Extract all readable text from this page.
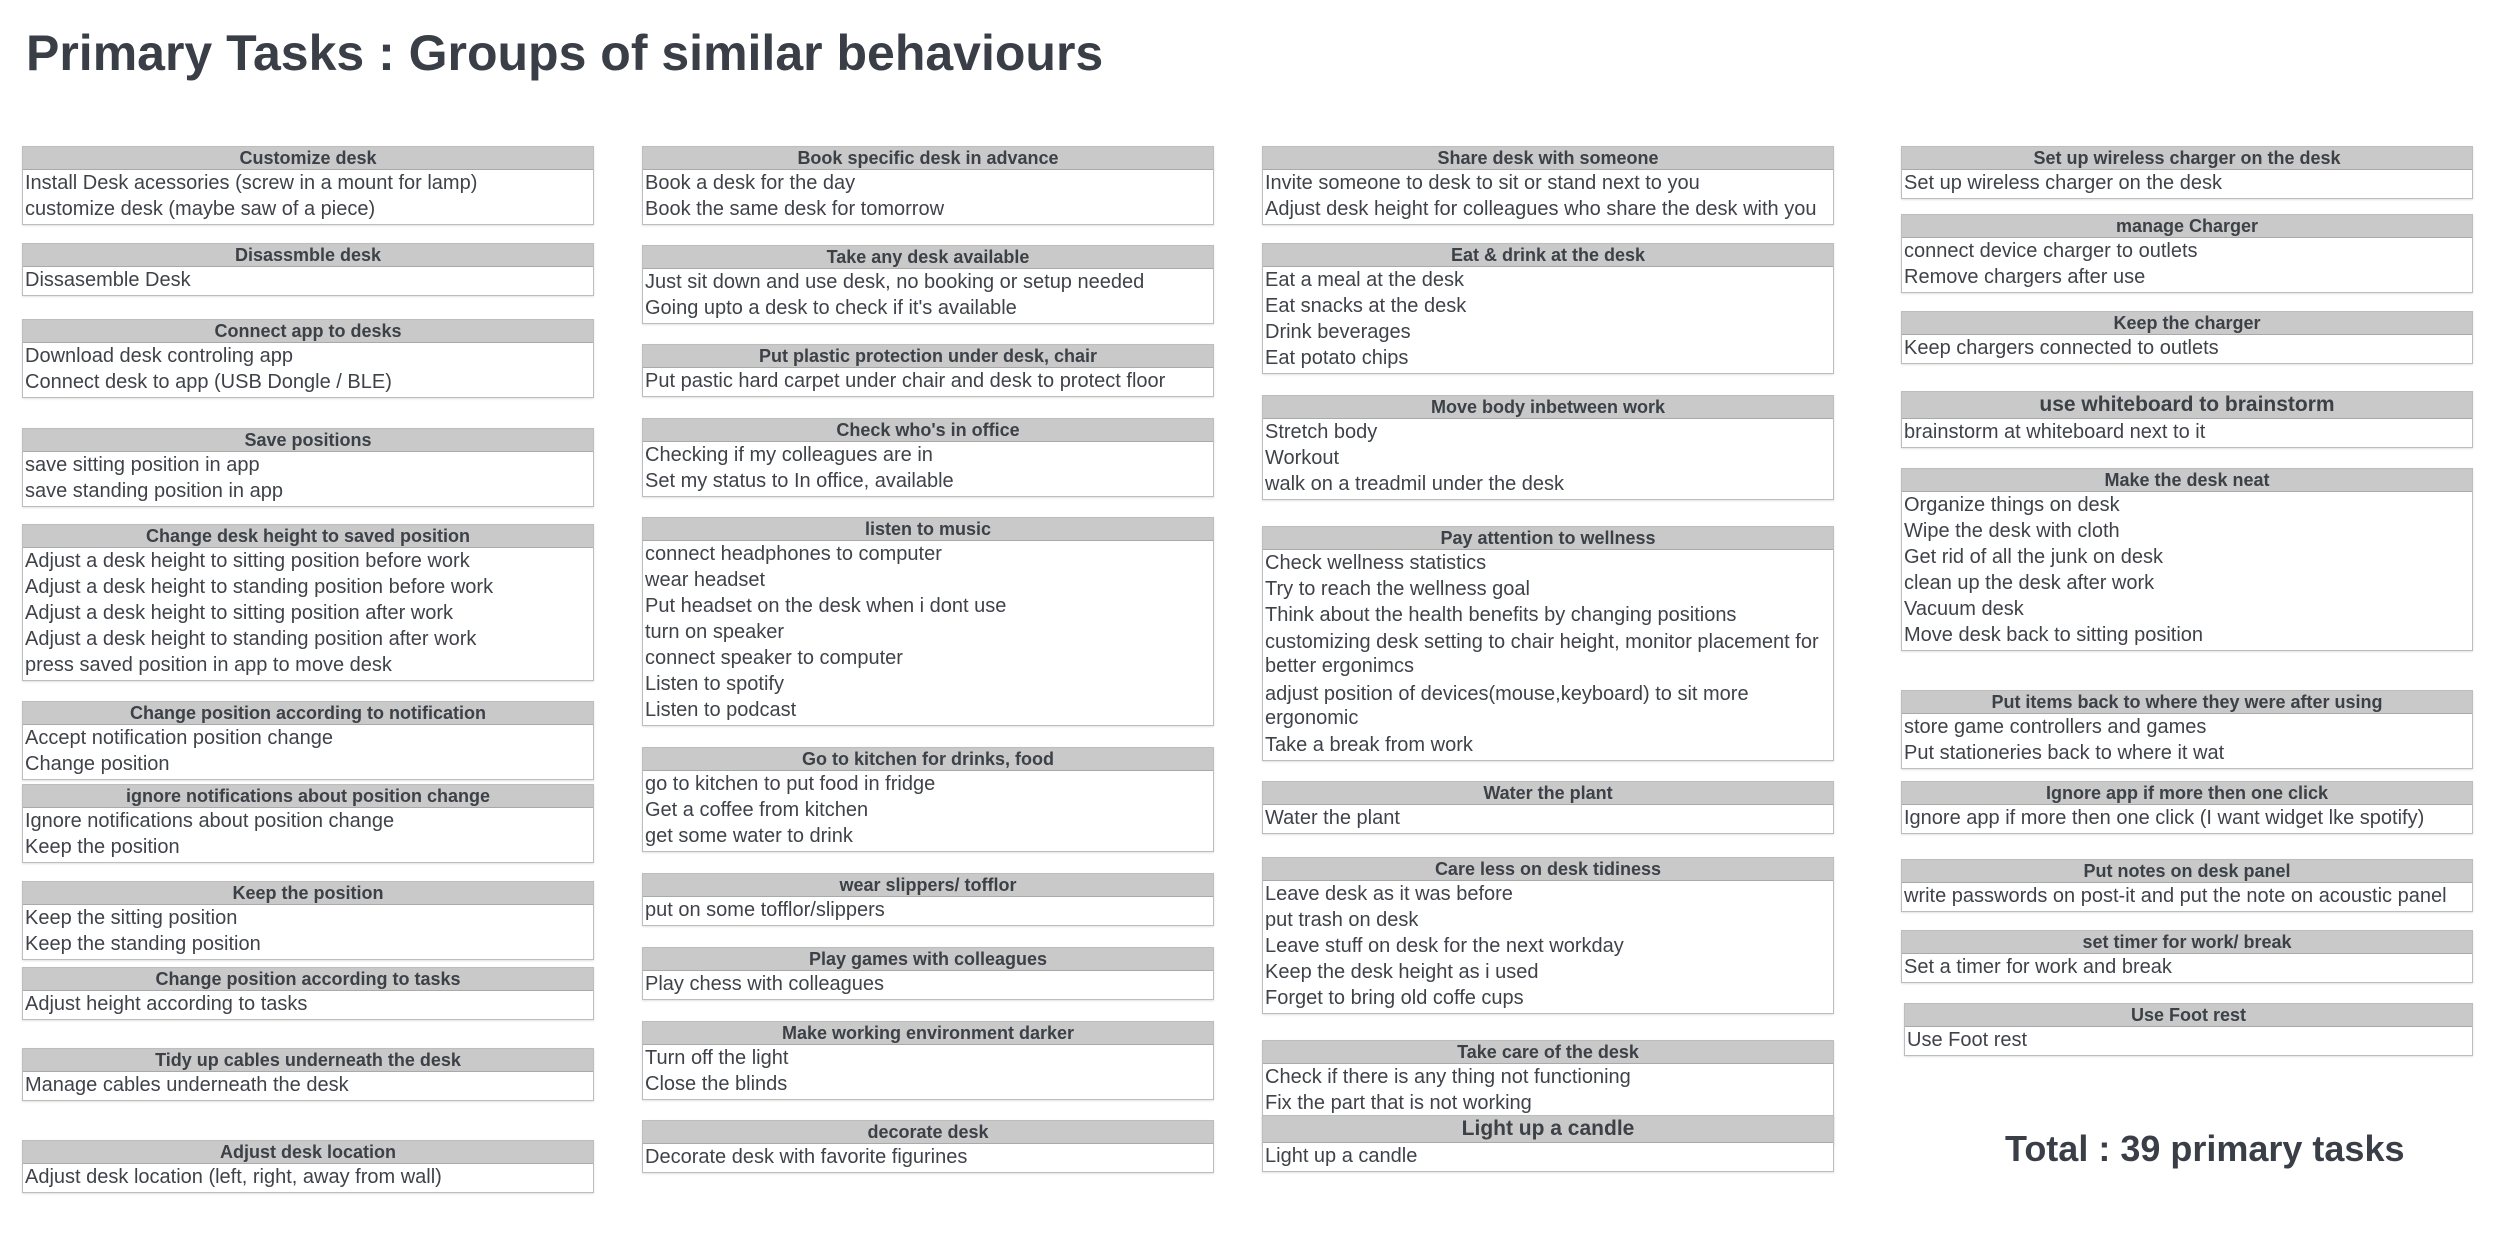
Primary Tasks : Groups of similar behaviours
Customize desk
Install Desk acessories (screw in a mount for lamp)
customize desk (maybe saw of a piece)
Disassmble desk
Dissasemble Desk
Connect app to desks
Download desk controling app
Connect desk to app (USB Dongle / BLE)
Save positions
save sitting position in app
save standing position in app
Change desk height to saved position
Adjust a desk height to sitting position before work
Adjust a desk height to standing position before work
Adjust a desk height to sitting position after work
Adjust a desk height to standing position after work
press saved position in app to move desk
Change position according to notification
Accept notification position change
Change position
ignore notifications about position change
Ignore notifications about position change
Keep the position
Keep the position
Keep the sitting position
Keep the standing position
Change position according to tasks
Adjust height according to tasks
Tidy up cables underneath the desk
Manage cables underneath the desk
Adjust desk location
Adjust desk location (left, right, away from wall)
Book specific desk in advance
Book a desk for the day
Book the same desk for tomorrow
Take any desk available
Just sit down and use desk, no booking or setup needed
Going upto a desk to check if it's available
Put plastic protection under desk, chair
Put pastic hard carpet under chair and desk to protect floor
Check who's in office
Checking if my colleagues are in
Set my status to In office, available
listen to music
connect headphones to computer
wear headset
Put headset on the desk when i dont use
turn on speaker
connect speaker to computer
Listen to spotify
Listen to podcast
Go to kitchen for drinks, food
go to kitchen to put food in fridge
Get a coffee from kitchen
get some water to drink
wear slippers/ tofflor
put on some tofflor/slippers
Play games with colleagues
Play chess with colleagues
Make working environment darker
Turn off the light
Close the blinds
decorate desk
Decorate desk with favorite figurines
Share desk with someone
Invite someone to desk to sit or stand next to you
Adjust desk height for colleagues who share the desk with you
Eat & drink at the desk
Eat a meal at the desk
Eat snacks at the desk
Drink beverages
Eat potato chips
Move body inbetween work
Stretch body
Workout
walk on a treadmil under the desk
Pay attention to wellness
Check wellness statistics
Try to reach the wellness goal
Think about the health benefits by changing positions
customizing desk setting to chair height, monitor placement for better ergonimcs
adjust position of devices(mouse,keyboard) to sit more ergonomic
Take a break from work
Water the plant
Water the plant
Care less on desk tidiness
Leave desk as it was before
put trash on desk
Leave stuff on desk for the next workday
Keep the desk height as i used
Forget to bring old coffe cups
Take care of the desk
Check if there is any thing not functioning
Fix the part that is not working
Light up a candle
Light up a candle
Set up wireless charger on the desk
Set up wireless charger on the desk
manage Charger
connect device charger to outlets
Remove chargers after use
Keep the charger
Keep chargers connected to outlets
use whiteboard to brainstorm
brainstorm at whiteboard next to it
Make the desk neat
Organize things on desk
Wipe the desk with cloth
Get rid of all the junk on desk
clean up the desk after work
Vacuum desk
Move desk back to sitting position
Put items back to where they were after using
store game controllers and games
Put stationeries back to where it wat
Ignore app if more then one click
Ignore app if more then one click (I want widget lke spotify)
Put notes on desk panel
write passwords on post-it and put the note on acoustic panel
set timer for work/ break
Set a timer for work and break
Use Foot rest
Use Foot rest
Total : 39 primary tasks
